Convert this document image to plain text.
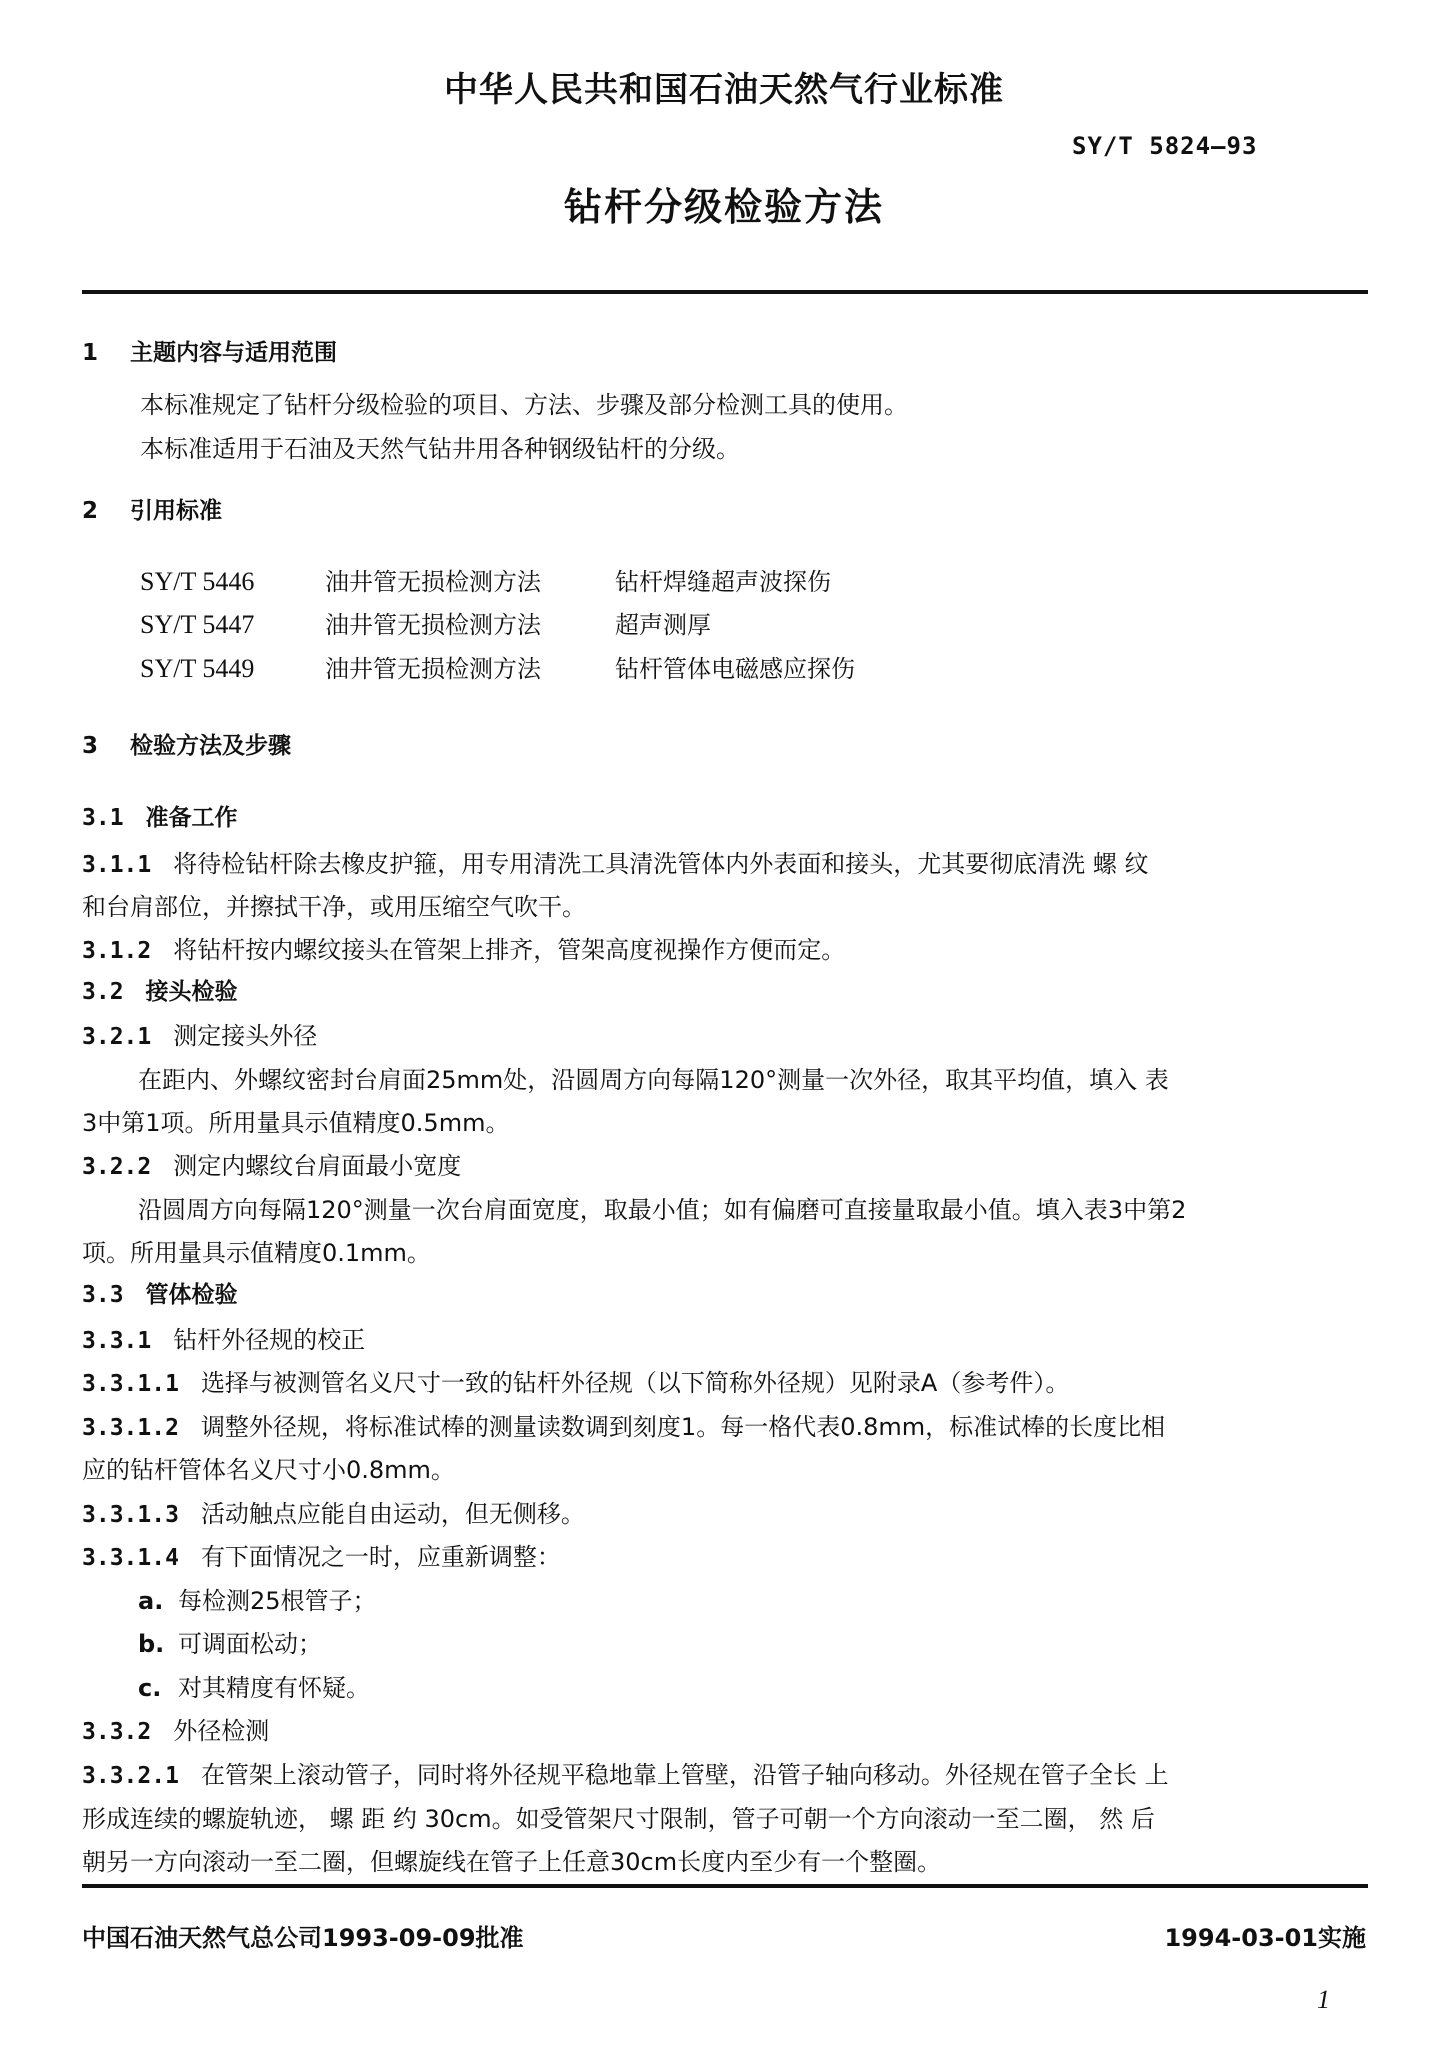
中华人民共和国石油天然气行业标准
SY/T 5824—93
钻杆分级检验方法
1 主题内容与适用范围
本标准规定了钻杆分级检验的项目、方法、步骤及部分检测工具的使用。
本标准适用于石油及天然气钻井用各种钢级钻杆的分级。
2 引用标准
SY/T 5446	油井管无损检测方法	钻杆焊缝超声波探伤
SY/T 5447	油井管无损检测方法	超声测厚
SY/T 5449	油井管无损检测方法	钻杆管体电磁感应探伤
3 检验方法及步骤
3.1 准备工作
3.1.1 将待检钻杆除去橡皮护箍，用专用清洗工具清洗管体内外表面和接头，尤其要彻底清洗 螺 纹
和台肩部位，并擦拭干净，或用压缩空气吹干。
3.1.2 将钻杆按内螺纹接头在管架上排齐，管架高度视操作方便而定。
3.2 接头检验
3.2.1 测定接头外径
在距内、外螺纹密封台肩面25mm处，沿圆周方向每隔120°测量一次外径，取其平均值，填入 表
3中第1项。所用量具示值精度0.5mm。
3.2.2 测定内螺纹台肩面最小宽度
沿圆周方向每隔120°测量一次台肩面宽度，取最小值；如有偏磨可直接量取最小值。填入表3中第2
项。所用量具示值精度0.1mm。
3.3 管体检验
3.3.1 钻杆外径规的校正
3.3.1.1 选择与被测管名义尺寸一致的钻杆外径规（以下简称外径规）见附录A（参考件）。
3.3.1.2 调整外径规，将标准试棒的测量读数调到刻度1。每一格代表0.8mm，标准试棒的长度比相
应的钻杆管体名义尺寸小0.8mm。
3.3.1.3 活动触点应能自由运动，但无侧移。
3.3.1.4 有下面情况之一时，应重新调整：
a. 每检测25根管子；
b. 可调面松动；
c. 对其精度有怀疑。
3.3.2 外径检测
3.3.2.1 在管架上滚动管子，同时将外径规平稳地靠上管壁，沿管子轴向移动。外径规在管子全长 上
形成连续的螺旋轨迹， 螺 距 约 30cm。如受管架尺寸限制，管子可朝一个方向滚动一至二圈， 然 后
朝另一方向滚动一至二圈，但螺旋线在管子上任意30cm长度内至少有一个整圈。
中国石油天然气总公司1993-09-09批准	1994-03-01实施
1
